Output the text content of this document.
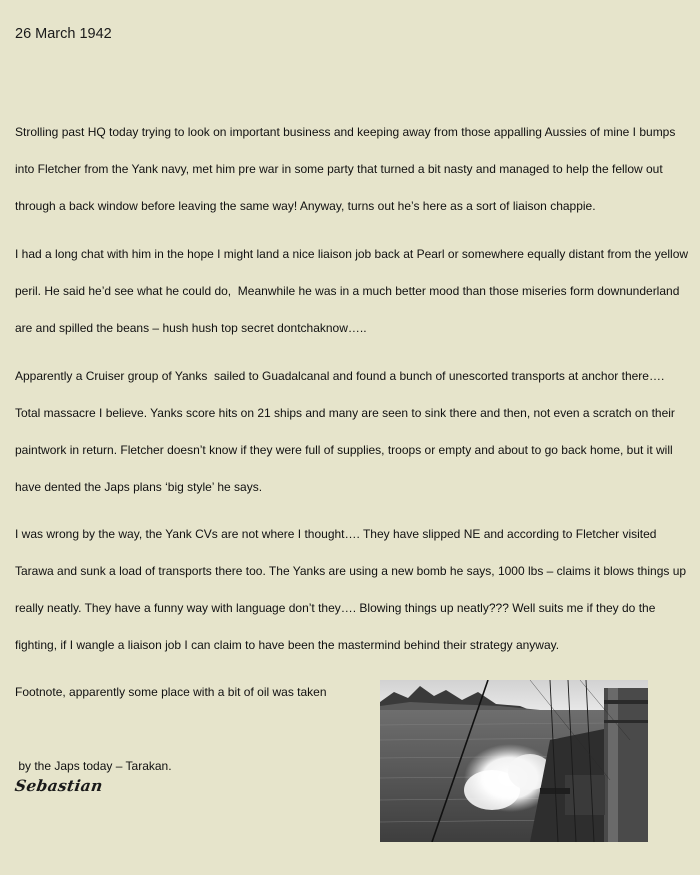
26 March 1942

Strolling past HQ today trying to look on important business and keeping away from those appalling Aussies of mine I bumps into Fletcher from the Yank navy, met him pre war in some party that turned a bit nasty and managed to help the fellow out through a back window before leaving the same way! Anyway, turns out he’s here as a sort of liaison chappie.

I had a long chat with him in the hope I might land a nice liaison job back at Pearl or somewhere equally distant from the yellow peril. He said he’d see what he could do,  Meanwhile he was in a much better mood than those miseries form downunderland are and spilled the beans – hush hush top secret dontchaknow…..

Apparently a Cruiser group of Yanks  sailed to Guadalcanal and found a bunch of unescorted transports at anchor there…. Total massacre I believe. Yanks score hits on 21 ships and many are seen to sink there and then, not even a scratch on their paintwork in return. Fletcher doesn’t know if they were full of supplies, troops or empty and about to go back home, but it will have dented the Japs plans ‘big style’ he says.

I was wrong by the way, the Yank CVs are not where I thought…. They have slipped NE and according to Fletcher visited Tarawa and sunk a load of transports there too. The Yanks are using a new bomb he says, 1000 lbs – claims it blows things up really neatly. They have a funny way with language don’t they…. Blowing things up neatly??? Well suits me if they do the fighting, if I wangle a liaison job I can claim to have been the mastermind behind their strategy anyway.

Footnote, apparently some place with a bit of oil was taken

by the Japs today – Tarakan.

Sebastian
